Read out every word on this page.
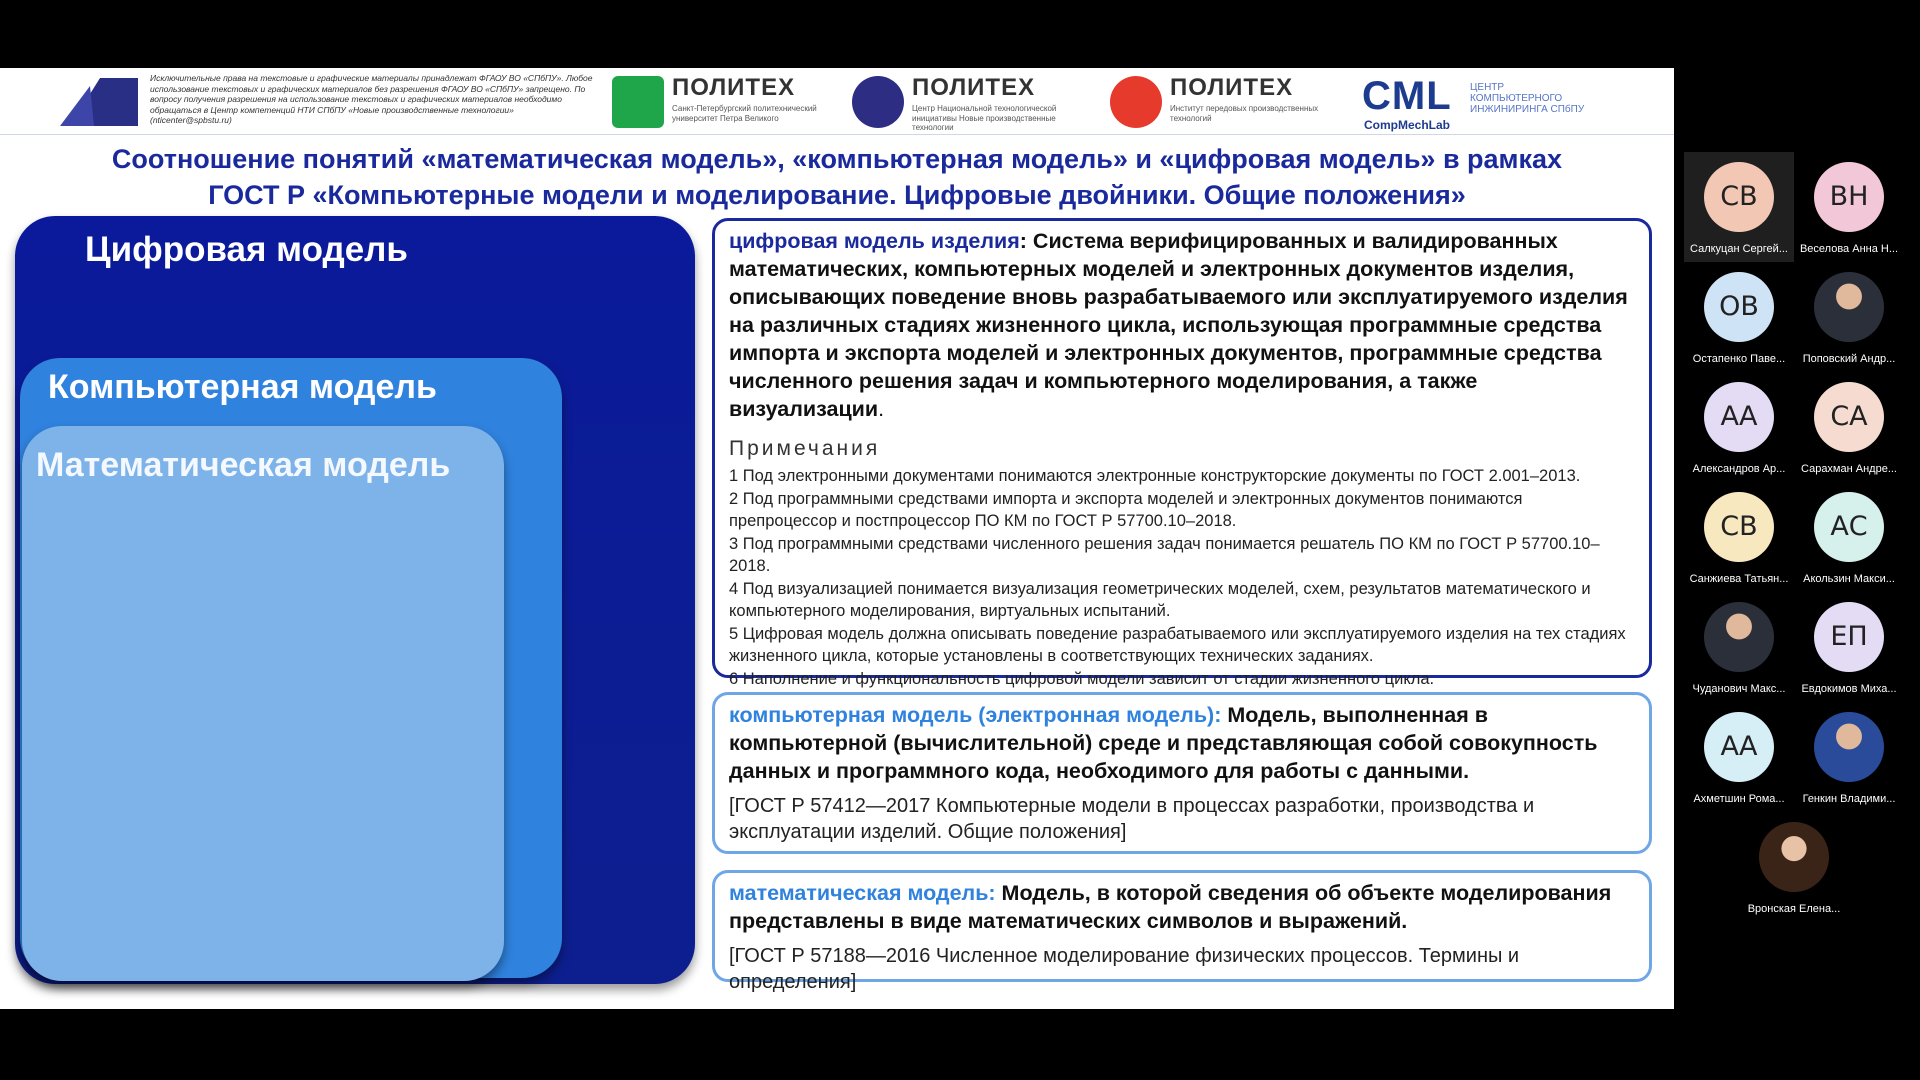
Исключительные права на текстовые и графические материалы принадлежат ФГАОУ ВО «СПбПУ». Любое использование текстовых и графических материалов без разрешения ФГАОУ ВО «СПбПУ» запрещено. По вопросу получения разрешения на использование текстовых и графических материалов необходимо обращаться в Центр компетенций НТИ СПбПУ «Новые производственные технологии» (nticenter@spbstu.ru)
ПОЛИТЕХ
Санкт-Петербургский политехнический университет Петра Великого
ПОЛИТЕХ
Центр Национальной технологической инициативы Новые производственные технологии
ПОЛИТЕХ
Институт передовых производственных технологий	CML
CompMechLab
ЦЕНТР КОМПЬЮТЕРНОГО ИНЖИНИРИНГА СПбПУ
Соотношение понятий «математическая модель», «компьютерная модель» и «цифровая модель» в рамках
ГОСТ Р «Компьютерные модели и моделирование. Цифровые двойники. Общие положения»
Цифровая модель
Компьютерная модель
Математическая модель
цифровая модель изделия: Система верифицированных и валидированных математических, компьютерных моделей и электронных документов изделия, описывающих поведение вновь разрабатываемого или эксплуатируемого изделия на различных стадиях жизненного цикла, использующая программные средства импорта и экспорта моделей и электронных документов, программные средства численного решения задач и компьютерного моделирования, а также визуализации.
Примечания
1 Под электронными документами понимаются электронные конструкторские документы по ГОСТ 2.001–2013.
2 Под программными средствами импорта и экспорта моделей и электронных документов понимаются препроцессор и постпроцессор ПО КМ по ГОСТ Р 57700.10–2018.
3 Под программными средствами численного решения задач понимается решатель ПО КМ по ГОСТ Р 57700.10–2018.
4 Под визуализацией понимается визуализация геометрических моделей, схем, результатов математического и компьютерного моделирования, виртуальных испытаний.
5 Цифровая модель должна описывать поведение разрабатываемого или эксплуатируемого изделия на тех стадиях жизненного цикла, которые установлены в соответствующих технических заданиях.
6 Наполнение и функциональность цифровой модели зависит от стадии жизненного цикла.
компьютерная модель (электронная модель): Модель, выполненная в компьютерной (вычислительной) среде и представляющая собой совокупность данных и программного кода, необходимого для работы с данными.
[ГОСТ Р 57412—2017 Компьютерные модели в процессах разработки, производства и эксплуатации изделий. Общие положения]
математическая модель: Модель, в которой сведения об объекте моделирования представлены в виде математических символов и выражений.
[ГОСТ Р 57188—2016 Численное моделирование физических процессов. Термины и определения]
СВ
Салкуцан Сергей...
ВН
Веселова Анна Н...
ОВ
Остапенко Паве...	Поповский Андр...
АА
Александров Ар...
СА
Сарахман Андре...
СВ
Санжиева Татьян...
АС
Акользин Макси...
Чуданович Макс...
ЕП
Евдокимов Миха...
АА
Ахметшин Рома...	Генкин Владими...
Вронская Елена...
